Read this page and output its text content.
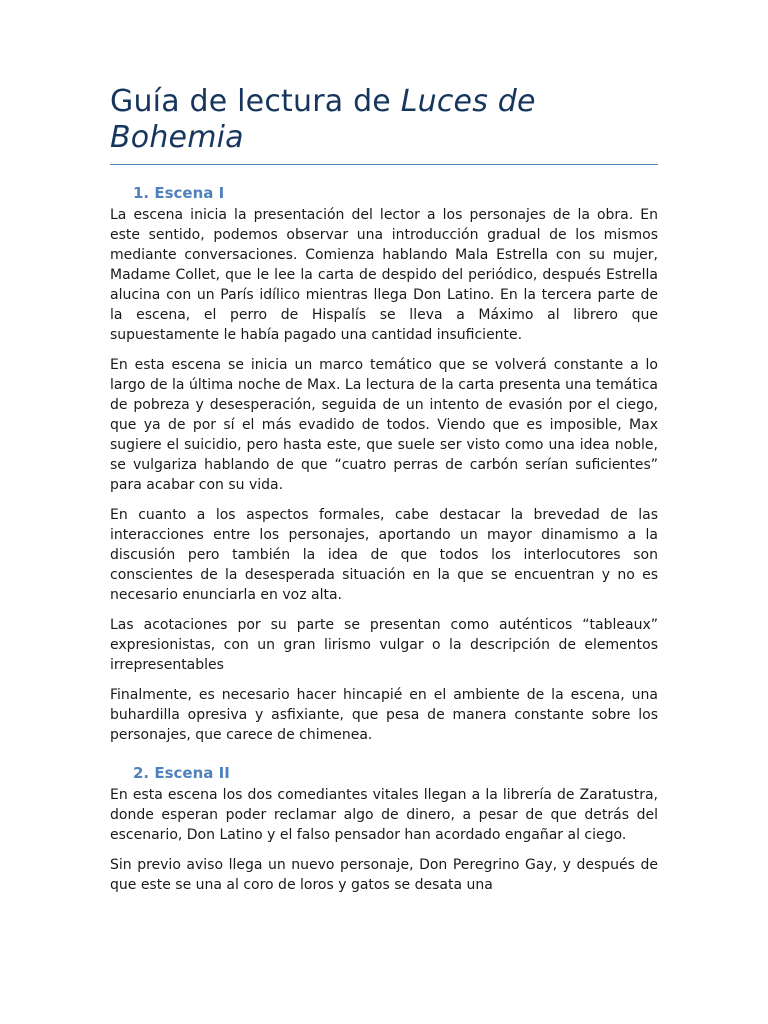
Guía de lectura de Luces de Bohemia
1. Escena I

La escena inicia la presentación del lector a los personajes de la obra. En este sentido, podemos observar una introducción gradual de los mismos mediante conversaciones. Comienza hablando Mala Estrella con su mujer, Madame Collet, que le lee la carta de despido del periódico, después Estrella alucina con un París idílico mientras llega Don Latino. En la tercera parte de la escena, el perro de Hispalís se lleva a Máximo al librero que supuestamente le había pagado una cantidad insuficiente.

En esta escena se inicia un marco temático que se volverá constante a lo largo de la última noche de Max. La lectura de la carta presenta una temática de pobreza y desesperación, seguida de un intento de evasión por el ciego, que ya de por sí el más evadido de todos. Viendo que es imposible, Max sugiere el suicidio, pero hasta este, que suele ser visto como una idea noble, se vulgariza hablando de que “cuatro perras de carbón serían suficientes” para acabar con su vida.

En cuanto a los aspectos formales, cabe destacar la brevedad de las interacciones entre los personajes, aportando un mayor dinamismo a la discusión pero también la idea de que todos los interlocutores son conscientes de la desesperada situación en la que se encuentran y no es necesario enunciarla en voz alta.

Las acotaciones por su parte se presentan como auténticos “tableaux” expresionistas, con un gran lirismo vulgar o la descripción de elementos irrepresentables

Finalmente, es necesario hacer hincapié en el ambiente de la escena, una buhardilla opresiva y asfixiante, que pesa de manera constante sobre los personajes, que carece de chimenea.

2. Escena II

En esta escena los dos comediantes vitales llegan a la librería de Zaratustra, donde esperan poder reclamar algo de dinero, a pesar de que detrás del escenario, Don Latino y el falso pensador han acordado engañar al ciego.

Sin previo aviso llega un nuevo personaje, Don Peregrino Gay, y después de que este se una al coro de loros y gatos se desata una
